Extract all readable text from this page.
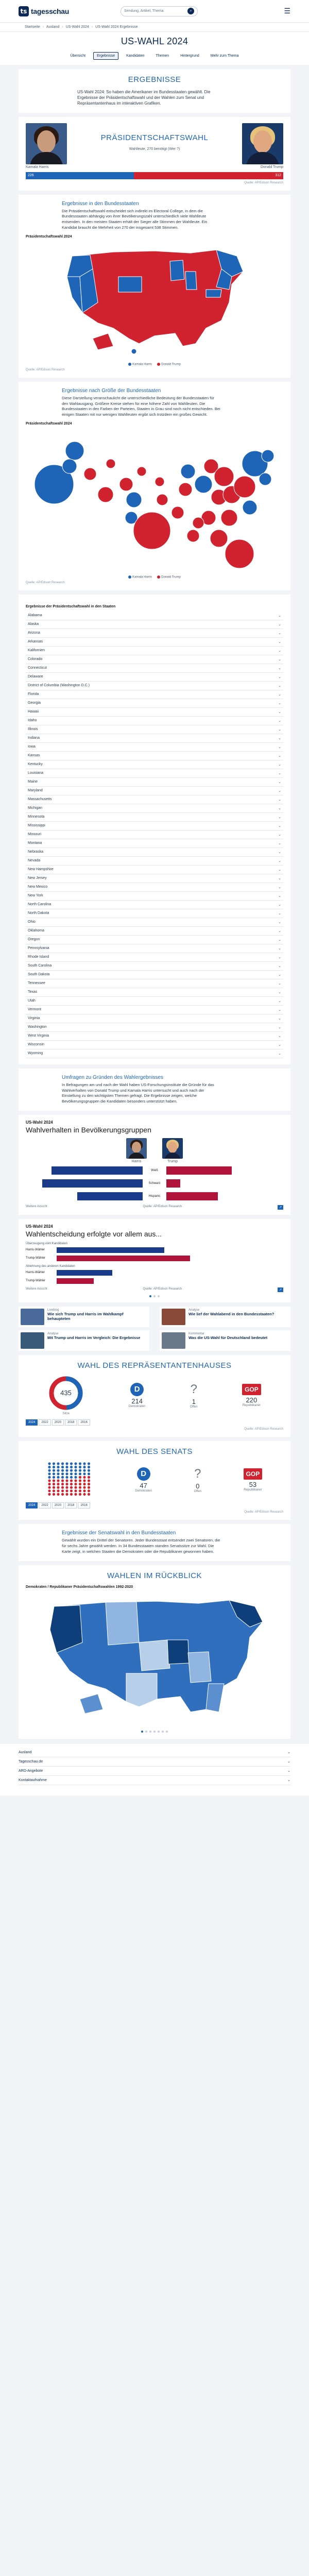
ts tagesschau	Sendung, Artikel, Thema	⌕	☰
Startseite › Ausland › US-Wahl 2024 › US-Wahl 2024 Ergebnisse
US-WAHL 2024
Übersicht	Ergebnisse	Kandidaten	Themen	Hintergrund	Mehr zum Thema
ERGEBNISSE
US-Wahl 2024: So haben die Amerikaner im Bundesstaaten gewählt. Die Ergebnisse der Präsidentschaftswahl und der Wahlen zum Senat und Repräsentantenhaus im interaktiven Grafiken.
Kamala Harris
PRÄSIDENTSCHAFTSWAHL
Wahlleute, 270 benötigt (Wer ?)
Donald Trump
226	312
Quelle: AP/Edison Research
Ergebnisse in den Bundesstaaten
Die Präsidentschaftswahl entscheidet sich indirekt im Electoral College, in dem die Bundesstaaten abhängig von ihrer Bevölkerungszahl unterschiedlich viele Wahlleute entsenden. In den meisten Staaten erhält der Sieger alle Stimmen der Wahlleute. Ein Kandidat braucht die Mehrheit von 270 der insgesamt 538 Stimmen.
Präsidentschaftswahl 2024
Kamala Harris	Donald Trump
Quelle: AP/Edison Research
Ergebnisse nach Größe der Bundesstaaten
Diese Darstellung veranschaulicht die unterschiedliche Bedeutung der Bundesstaaten für den Wahlausgang. Größere Kreise stehen für eine höhere Zahl von Wahlleuten. Die Bundesstaaten in den Farben der Parteien, Staaten in Grau sind noch nicht entschieden. Bei einigen Staaten mit nur wenigen Wahlleuten ergibt sich trotzdem ein großes Gewicht.
Präsidentschaftswahl 2024
Kamala Harris	Donald Trump
Quelle: AP/Edison Research
Ergebnisse der Präsidentschaftswahl in den Staaten
Alabama	⌄
Alaska	⌄
Arizona	⌄
Arkansas	⌄
Kalifornien	⌄
Colorado	⌄
Connecticut	⌄
Delaware	⌄
District of Columbia (Washington D.C.)	⌄
Florida	⌄
Georgia	⌄
Hawaii	⌄
Idaho	⌄
Illinois	⌄
Indiana	⌄
Iowa	⌄
Kansas	⌄
Kentucky	⌄
Louisiana	⌄
Maine	⌄
Maryland	⌄
Massachusetts	⌄
Michigan	⌄
Minnesota	⌄
Mississippi	⌄
Missouri	⌄
Montana	⌄
Nebraska	⌄
Nevada	⌄
New Hampshire	⌄
New Jersey	⌄
New Mexico	⌄
New York	⌄
North Carolina	⌄
North Dakota	⌄
Ohio	⌄
Oklahoma	⌄
Oregon	⌄
Pennsylvania	⌄
Rhode Island	⌄
South Carolina	⌄
South Dakota	⌄
Tennessee	⌄
Texas	⌄
Utah	⌄
Vermont	⌄
Virginia	⌄
Washington	⌄
West Virginia	⌄
Wisconsin	⌄
Wyoming	⌄
Umfragen zu Gründen des Wahlergebnisses
In Befragungen am und nach der Wahl haben US-Forschungsinstitute die Gründe für das Wahlverhalten von Donald Trump und Kamala Harris untersucht und auch nach der Einstellung zu den wichtigsten Themen gefragt. Die Ergebnisse zeigen, welche Bevölkerungsgruppen die Kandidaten besonders unterstützt haben.
US-Wahl 2024
Wahlverhalten in Bevölkerungsgruppen
Harris	Trump
Weiß
Schwarz
Hispanic
Weitere Ansicht	Quelle: AP/Edison Research	↗
US-Wahl 2024
Wahlentscheidung erfolgte vor allem aus...
Überzeugung vom Kandidaten
Harris-Wähler
Trump-Wähler
Ablehnung des anderen Kandidaten
Harris-Wähler
Trump-Wähler
Weitere Ansicht	Quelle: AP/Edison Research	↗
Liveblog
Wie sich Trump und Harris im Wahlkampf behaupteten
Analyse
Wie lief der Wahlabend in den Bundesstaaten?
Analyse
Mit Trump und Harris im Vergleich: Die Ergebnisse
Kommentar
Was die US-Wahl für Deutschland bedeutet
WAHL DES REPRÄSENTANTENHAUSES
435
Sitze
D
214
Demokraten
?
1
Offen
GOP
220
Republikaner
2024	2022	2020	2018	2016
Quelle: AP/Edison Research
WAHL DES SENATS
D
47
Demokraten
?
0
Offen
GOP
53
Republikaner
2024	2022	2020	2018	2016
Quelle: AP/Edison Research
Ergebnisse der Senatswahl in den Bundesstaaten
Gewählt wurden ein Drittel der Senatoren. Jeder Bundesstaat entsendet zwei Senatoren, die für sechs Jahre gewählt werden. In 34 Bundesstaaten standen Senatssitze zur Wahl. Die Karte zeigt, in welchen Staaten die Demokraten oder die Republikaner gewonnen haben.
WAHLEN IM RÜCKBLICK
Demokraten / Republikaner Präsidentschaftswahlen 1992-2020
Ausland	⌄
Tagesschau.de	⌄
ARD-Angebote	⌄
Kontaktaufnahme	⌄
